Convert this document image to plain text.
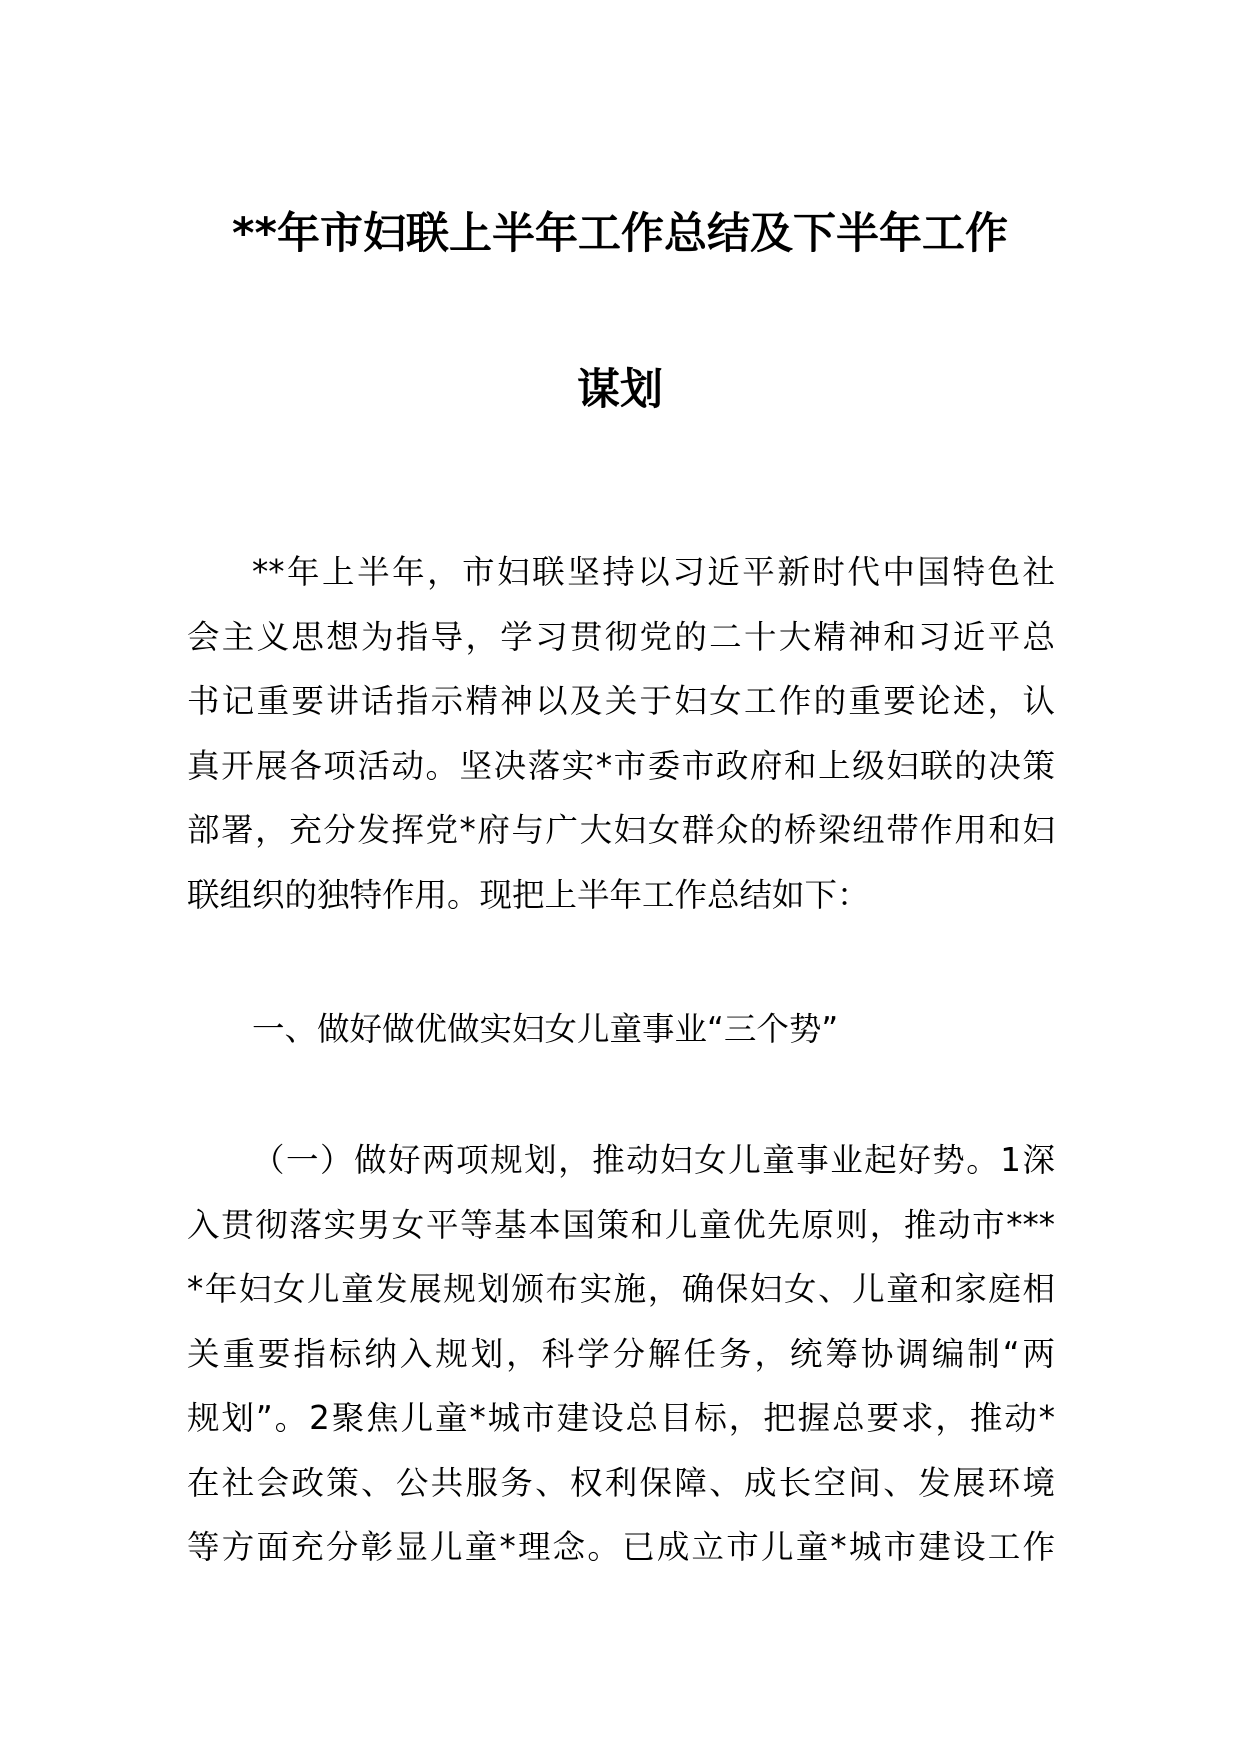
**年市妇联上半年工作总结及下半年工作
谋划
**年上半年，市妇联坚持以习近平新时代中国特色社
会主义思想为指导，学习贯彻党的二十大精神和习近平总
书记重要讲话指示精神以及关于妇女工作的重要论述，认
真开展各项活动。坚决落实*市委市政府和上级妇联的决策
部署，充分发挥党*府与广大妇女群众的桥梁纽带作用和妇
联组织的独特作用。现把上半年工作总结如下：
一、做好做优做实妇女儿童事业“三个势”
（一）做好两项规划，推动妇女儿童事业起好势。1深
入贯彻落实男女平等基本国策和儿童优先原则，推动市***
*年妇女儿童发展规划颁布实施，确保妇女、儿童和家庭相
关重要指标纳入规划，科学分解任务，统筹协调编制“两
规划”。2聚焦儿童*城市建设总目标，把握总要求，推动*
在社会政策、公共服务、权利保障、成长空间、发展环境
等方面充分彰显儿童*理念。已成立市儿童*城市建设工作
